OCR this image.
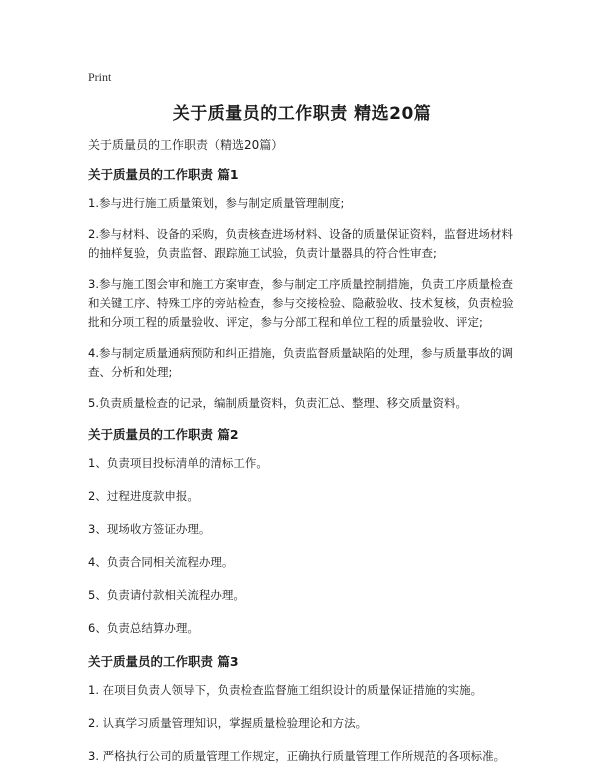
Print
关于质量员的工作职责 精选20篇
关于质量员的工作职责（精选20篇）
关于质量员的工作职责 篇1

1.参与进行施工质量策划，参与制定质量管理制度;

2.参与材料、设备的采购，负责核查进场材料、设备的质量保证资料，监督进场材料的抽样复验，负责监督、跟踪施工试验，负责计量器具的符合性审查;

3.参与施工图会审和施工方案审查，参与制定工序质量控制措施，负责工序质量检查和关键工序、特殊工序的旁站检查，参与交接检验、隐蔽验收、技术复核，负责检验批和分项工程的质量验收、评定，参与分部工程和单位工程的质量验收、评定;

4.参与制定质量通病预防和纠正措施，负责监督质量缺陷的处理，参与质量事故的调查、分析和处理;

5.负责质量检查的记录，编制质量资料，负责汇总、整理、移交质量资料。

关于质量员的工作职责 篇2

1、负责项目投标清单的清标工作。

2、过程进度款申报。

3、现场收方签证办理。

4、负责合同相关流程办理。

5、负责请付款相关流程办理。

6、负责总结算办理。

关于质量员的工作职责 篇3

1. 在项目负责人领导下，负责检查监督施工组织设计的质量保证措施的实施。

2. 认真学习质量管理知识，掌握质量检验理论和方法。

3. 严格执行公司的质量管理工作规定，正确执行质量管理工作所规范的各项标准。
